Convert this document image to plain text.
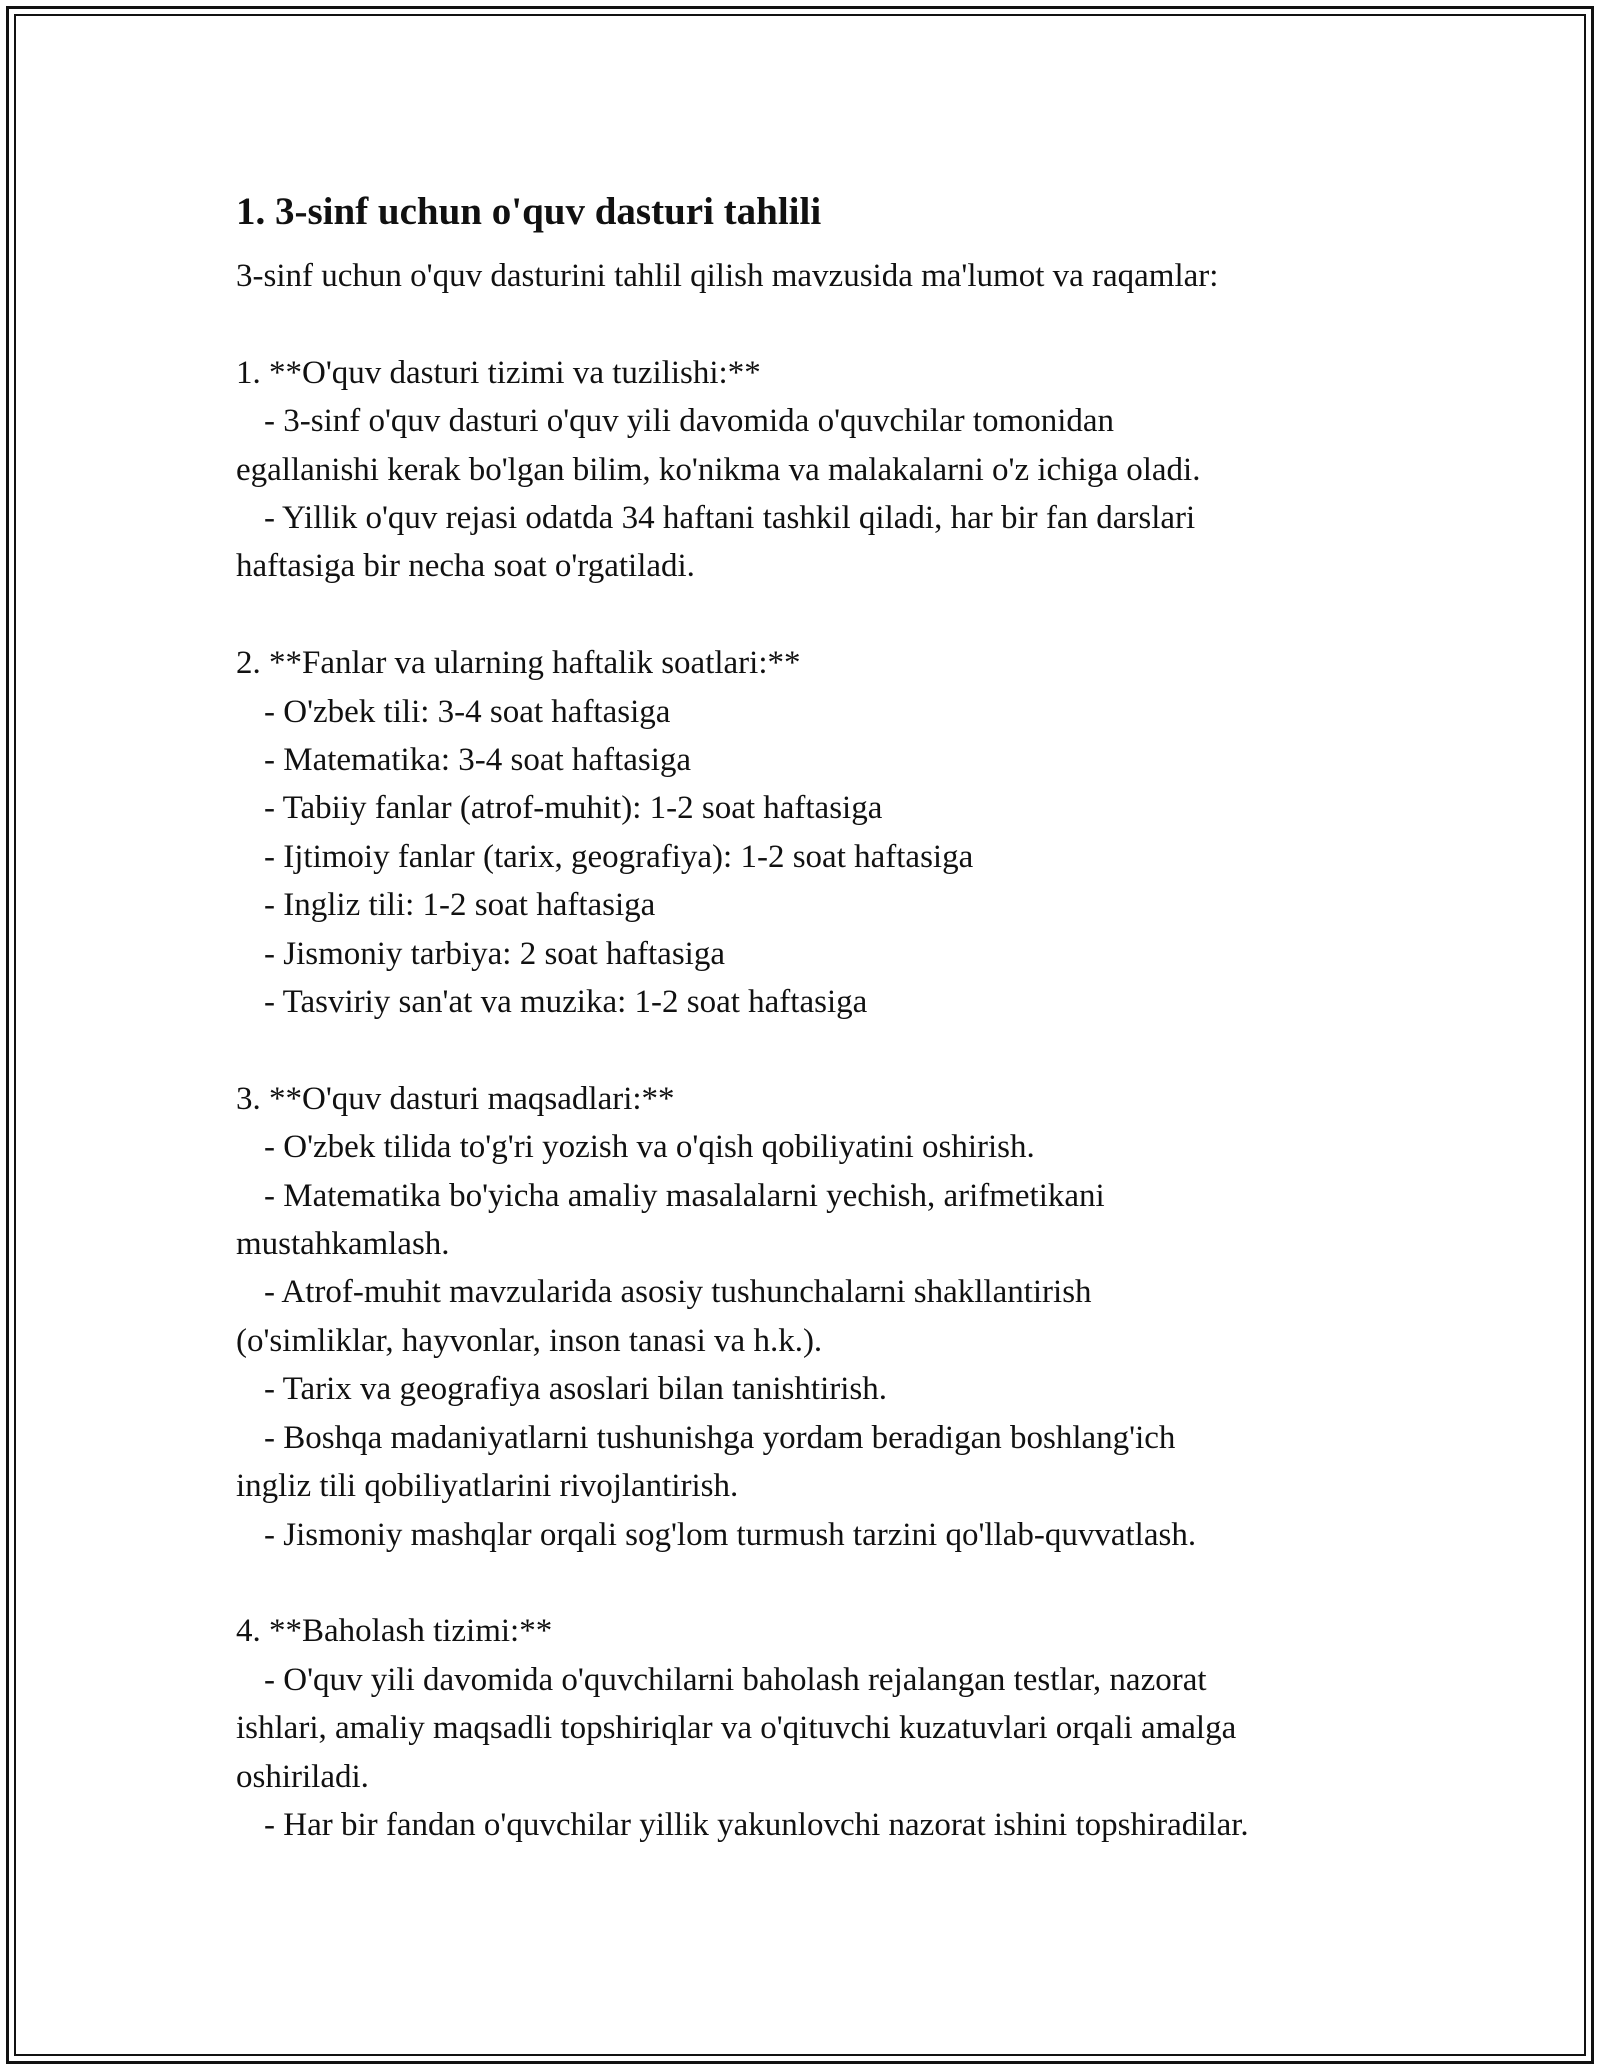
1. 3-sinf uchun o'quv dasturi tahlili

3-sinf uchun o'quv dasturini tahlil qilish mavzusida ma'lumot va raqamlar:

1. **O'quv dasturi tizimi va tuzilishi:**

- 3-sinf o'quv dasturi o'quv yili davomida o'quvchilar tomonidan
egallanishi kerak bo'lgan bilim, ko'nikma va malakalarni o'z ichiga oladi.

- Yillik o'quv rejasi odatda 34 haftani tashkil qiladi, har bir fan darslari
haftasiga bir necha soat o'rgatiladi.

2. **Fanlar va ularning haftalik soatlari:**

- O'zbek tili: 3-4 soat haftasiga

- Matematika: 3-4 soat haftasiga

- Tabiiy fanlar (atrof-muhit): 1-2 soat haftasiga

- Ijtimoiy fanlar (tarix, geografiya): 1-2 soat haftasiga

- Ingliz tili: 1-2 soat haftasiga

- Jismoniy tarbiya: 2 soat haftasiga

- Tasviriy san'at va muzika: 1-2 soat haftasiga

3. **O'quv dasturi maqsadlari:**

- O'zbek tilida to'g'ri yozish va o'qish qobiliyatini oshirish.

- Matematika bo'yicha amaliy masalalarni yechish, arifmetikani
mustahkamlash.

- Atrof-muhit mavzularida asosiy tushunchalarni shakllantirish
(o'simliklar, hayvonlar, inson tanasi va h.k.).

- Tarix va geografiya asoslari bilan tanishtirish.

- Boshqa madaniyatlarni tushunishga yordam beradigan boshlang'ich
ingliz tili qobiliyatlarini rivojlantirish.

- Jismoniy mashqlar orqali sog'lom turmush tarzini qo'llab-quvvatlash.

4. **Baholash tizimi:**

- O'quv yili davomida o'quvchilarni baholash rejalangan testlar, nazorat
ishlari, amaliy maqsadli topshiriqlar va o'qituvchi kuzatuvlari orqali amalga
oshiriladi.

- Har bir fandan o'quvchilar yillik yakunlovchi nazorat ishini topshiradilar.
